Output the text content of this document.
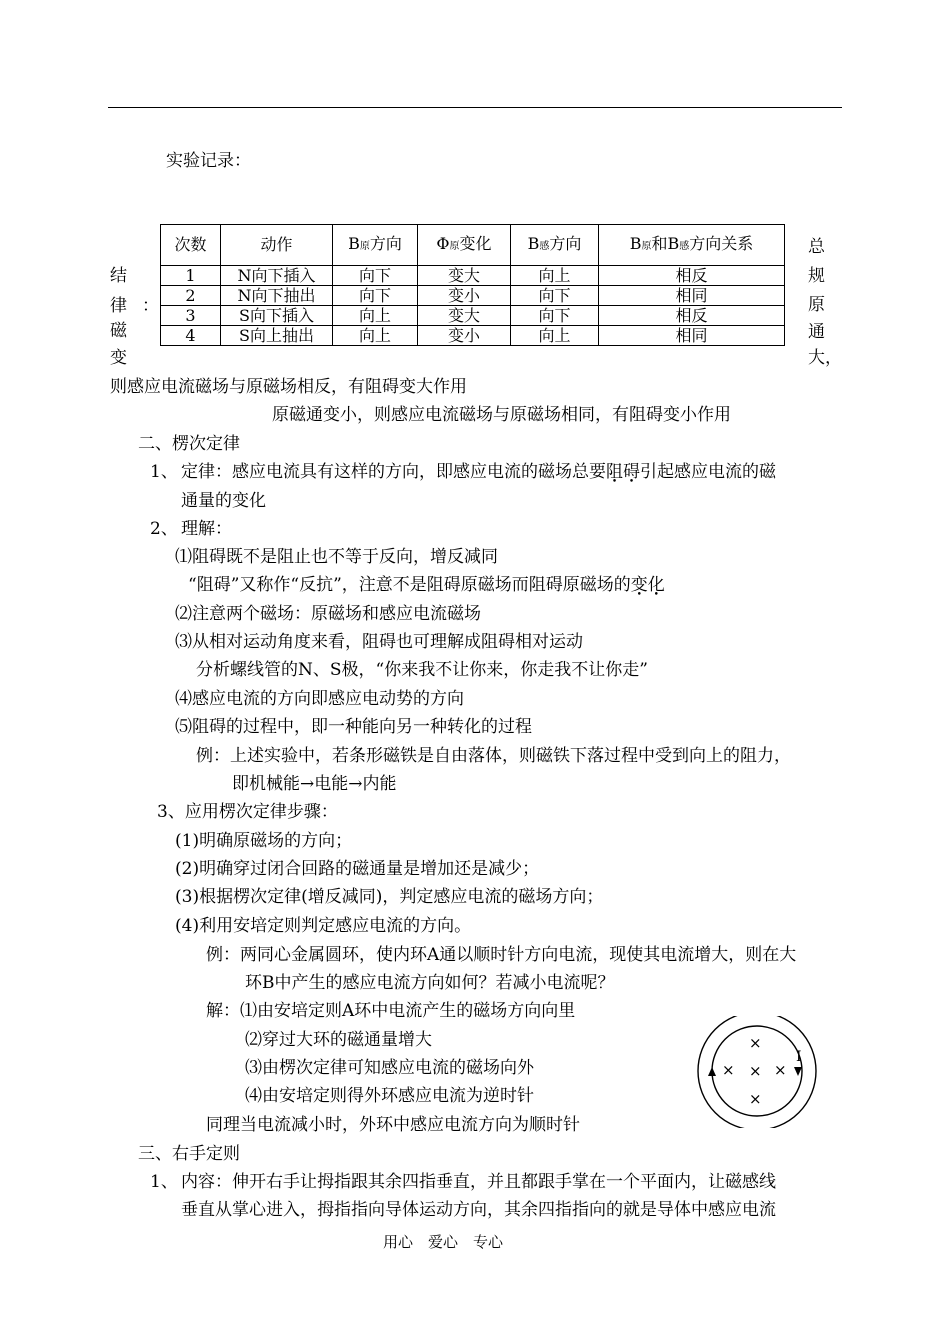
实验记录：
结
律 ：
磁
变
总
规
原
通
大，
次数	动作	B原方向	Φ原变化	B感方向	B原和B感方向关系
1	N向下插入	向下	变大	向上	相反
2	N向下抽出	向下	变小	向下	相同
3	S向下插入	向上	变大	向下	相反
4	S向上抽出	向上	变小	向上	相同
则感应电流磁场与原磁场相反，有阻碍变大作用
原磁通变小，则感应电流磁场与原磁场相同，有阻碍变小作用
二、楞次定律
1、 定律：感应电流具有这样的方向，即感应电流的磁场总要阻碍引起感应电流的磁
通量的变化
2、 理解：
⑴阻碍既不是阻止也不等于反向，增反减同
“阻碍”又称作“反抗”，注意不是阻碍原磁场而阻碍原磁场的变化
⑵注意两个磁场：原磁场和感应电流磁场
⑶从相对运动角度来看，阻碍也可理解成阻碍相对运动
分析螺线管的N、S极，“你来我不让你来，你走我不让你走”
⑷感应电流的方向即感应电动势的方向
⑸阻碍的过程中，即一种能向另一种转化的过程
例：上述实验中，若条形磁铁是自由落体，则磁铁下落过程中受到向上的阻力，
即机械能→电能→内能
3、应用楞次定律步骤：
(1)明确原磁场的方向；
(2)明确穿过闭合回路的磁通量是增加还是减少；
(3)根据楞次定律(增反减同)，判定感应电流的磁场方向；
(4)利用安培定则判定感应电流的方向。
例：两同心金属圆环，使内环A通以顺时针方向电流，现使其电流增大，则在大
环B中产生的感应电流方向如何？若减小电流呢？
解：⑴由安培定则A环中电流产生的磁场方向向里
⑵穿过大环的磁通量增大
⑶由楞次定律可知感应电流的磁场向外
⑷由安培定则得外环感应电流为逆时针
同理当电流减小时，外环中感应电流方向为顺时针
I
×
× × ×
×
三、右手定则
1、 内容：伸开右手让拇指跟其余四指垂直，并且都跟手掌在一个平面内，让磁感线
垂直从掌心进入，拇指指向导体运动方向，其余四指指向的就是导体中感应电流
用心　爱心　专心
